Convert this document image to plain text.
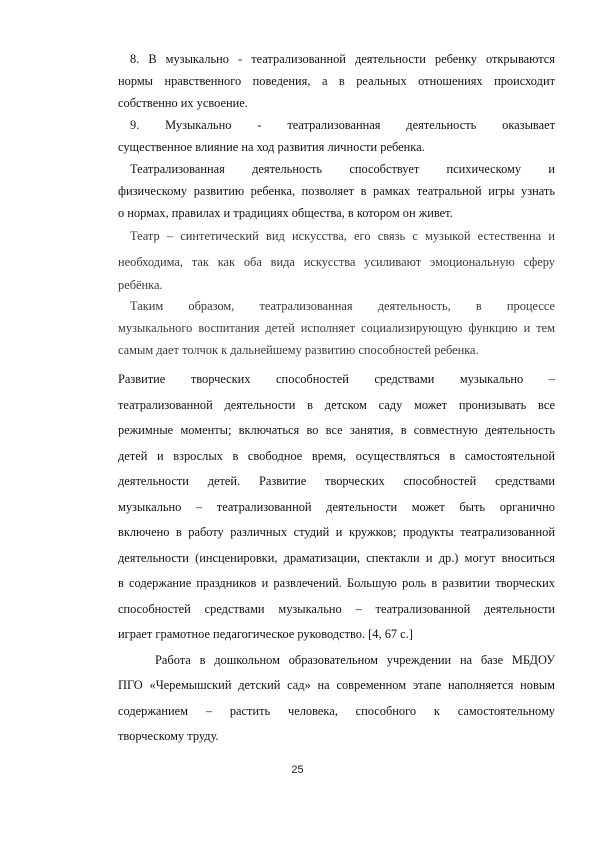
8. В музыкально - театрализованной деятельности ребенку открываются
нормы нравственного поведения, а в реальных отношениях происходит
собственно их усвоение.
9. Музыкально - театрализованная деятельность оказывает
существенное влияние на ход развития личности ребенка.
Театрализованная деятельность способствует психическому и
физическому развитию ребенка, позволяет в рамках театральной игры узнать
о нормах, правилах и традициях общества, в котором он живет.
Театр – синтетический вид искусства, его связь с музыкой естественна и
необходима, так как оба вида искусства усиливают эмоциональную сферу
ребёнка.
Таким образом, театрализованная деятельность, в процессе
музыкального воспитания детей исполняет социализирующую функцию и тем
самым дает толчок к дальнейшему развитию способностей ребенка.
Развитие творческих способностей средствами музыкально –
театрализованной деятельности в детском саду может пронизывать все
режимные моменты; включаться во все занятия, в совместную деятельность
детей и взрослых в свободное время, осуществляться в самостоятельной
деятельности детей. Развитие творческих способностей средствами
музыкально – театрализованной деятельности может быть органично
включено в работу различных студий и кружков; продукты театрализованной
деятельности (инсценировки, драматизации, спектакли и др.) могут вноситься
в содержание праздников и развлечений. Большую роль в развитии творческих
способностей средствами музыкально – театрализованной деятельности
играет грамотное педагогическое руководство. [4, 67 с.]
Работа в дошкольном образовательном учреждении на базе МБДОУ
ПГО «Черемышский детский сад» на современном этапе наполняется новым
содержанием – растить человека, способного к самостоятельному
творческому труду.
25
